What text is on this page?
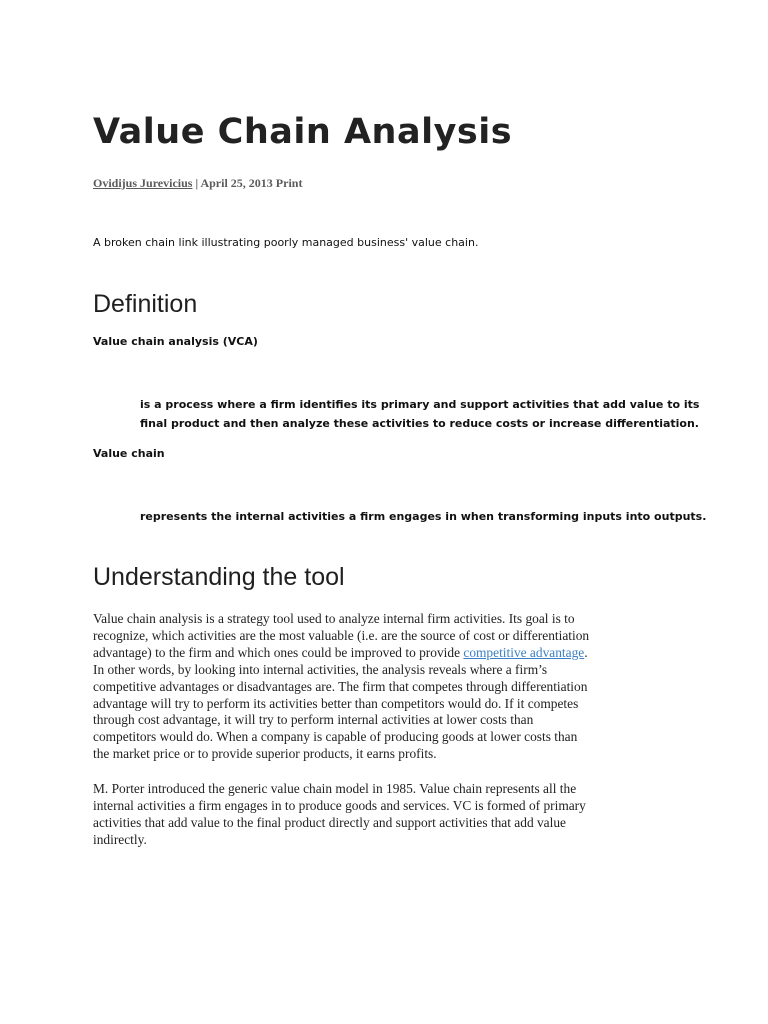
Value Chain Analysis
Ovidijus Jurevicius | April 25, 2013 Print
A broken chain link illustrating poorly managed business' value chain.
Definition
Value chain analysis (VCA)
is a process where a firm identifies its primary and support activities that add value to its
final product and then analyze these activities to reduce costs or increase differentiation.
Value chain
represents the internal activities a firm engages in when transforming inputs into outputs.
Understanding the tool
Value chain analysis is a strategy tool used to analyze internal firm activities. Its goal is to
recognize, which activities are the most valuable (i.e. are the source of cost or differentiation
advantage) to the firm and which ones could be improved to provide competitive advantage.
In other words, by looking into internal activities, the analysis reveals where a firm’s
competitive advantages or disadvantages are. The firm that competes through differentiation
advantage will try to perform its activities better than competitors would do. If it competes
through cost advantage, it will try to perform internal activities at lower costs than
competitors would do. When a company is capable of producing goods at lower costs than
the market price or to provide superior products, it earns profits.
M. Porter introduced the generic value chain model in 1985. Value chain represents all the
internal activities a firm engages in to produce goods and services. VC is formed of primary
activities that add value to the final product directly and support activities that add value
indirectly.
